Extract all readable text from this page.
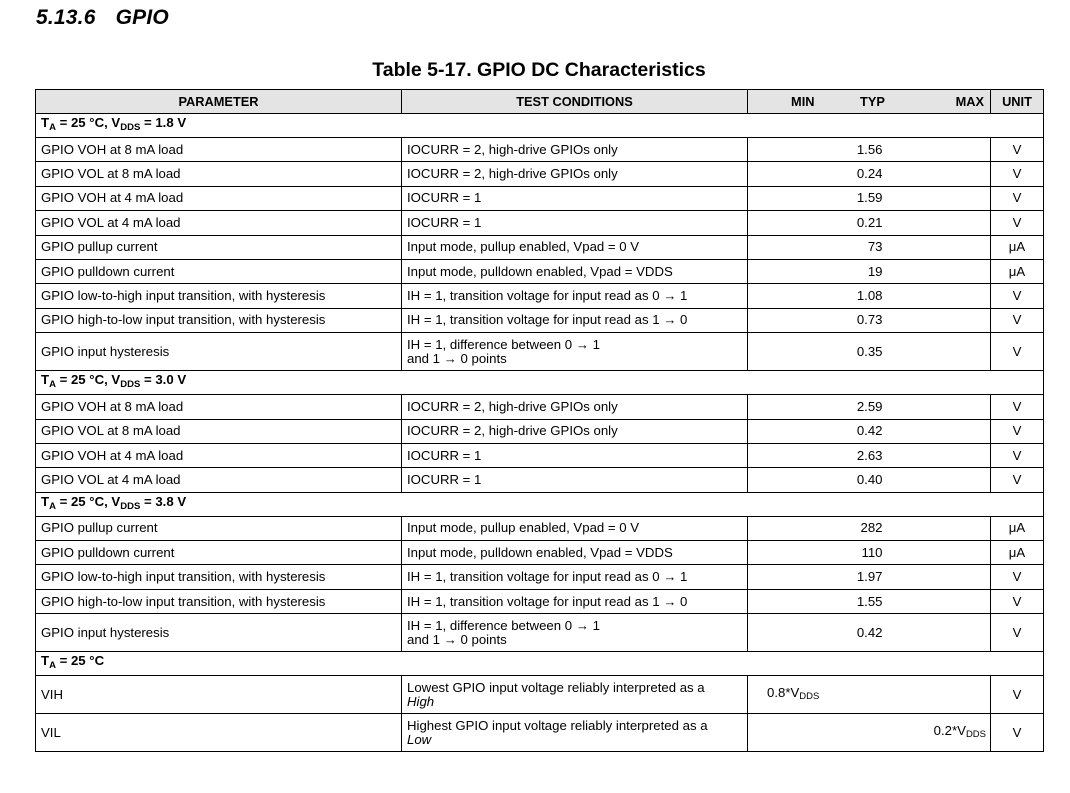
5.13.6 GPIO
Table 5-17. GPIO DC Characteristics
PARAMETER	TEST CONDITIONS	MIN	TYP	MAX	UNIT
$T_A = 25$ °C, $V_{DDS} = 1.8$ V					
GPIO VOH at 8 mA load	IOCURR = 2, high-drive GPIOs only		1.56		V
GPIO VOL at 8 mA load	IOCURR = 2, high-drive GPIOs only		0.24		V
GPIO VOH at 4 mA load	IOCURR = 1		1.59		V
GPIO VOL at 4 mA load	IOCURR = 1		0.21		V
GPIO pullup current	Input mode, pullup enabled, Vpad = 0 V		73		μA
GPIO pulldown current	Input mode, pulldown enabled, Vpad = VDDS		19		μA
GPIO low-to-high input transition, with hysteresis	IH = 1, transition voltage for input read as 0 → 1		1.08		V
GPIO high-to-low input transition, with hysteresis	IH = 1, transition voltage for input read as 1 → 0		0.73		V
GPIO input hysteresis	IH = 1, difference between 0 → 1
and 1 → 0 points		0.35		V
$T_A = 25$ °C, $V_{DDS} = 3.0$ V					
GPIO VOH at 8 mA load	IOCURR = 2, high-drive GPIOs only		2.59		V
GPIO VOL at 8 mA load	IOCURR = 2, high-drive GPIOs only		0.42		V
GPIO VOH at 4 mA load	IOCURR = 1		2.63		V
GPIO VOL at 4 mA load	IOCURR = 1		0.40		V
$T_A = 25$ °C, $V_{DDS} = 3.8$ V					
GPIO pullup current	Input mode, pullup enabled, Vpad = 0 V		282		μA
GPIO pulldown current	Input mode, pulldown enabled, Vpad = VDDS		110		μA
GPIO low-to-high input transition, with hysteresis	IH = 1, transition voltage for input read as 0 → 1		1.97		V
GPIO high-to-low input transition, with hysteresis	IH = 1, transition voltage for input read as 1 → 0		1.55		V
GPIO input hysteresis	IH = 1, difference between 0 → 1
and 1 → 0 points		0.42		V
$T_A = 25$ °C					
VIH	Lowest GPIO input voltage reliably interpreted as a
High	0.8*VDDS			V
VIL	Highest GPIO input voltage reliably interpreted as a
Low			0.2*VDDS	V
